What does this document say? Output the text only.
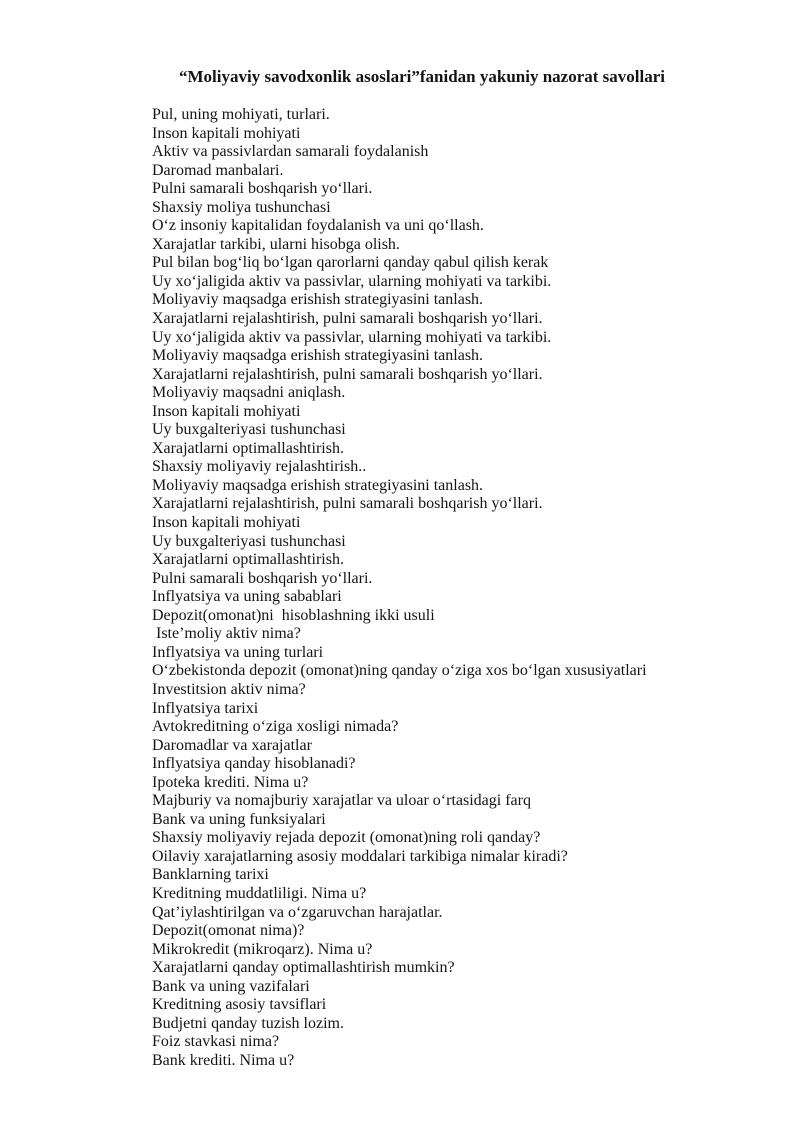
“Moliyaviy savodxonlik asoslari”fanidan yakuniy nazorat savollari
Pul, uning mohiyati, turlari.
Inson kapitali mohiyati
Aktiv va passivlardan samarali foydalanish
Daromad manbalari.
Pulni samarali boshqarish yo‘llari.
Shaxsiy moliya tushunchasi
O‘z insoniy kapitalidan foydalanish va uni qo‘llash.
Xarajatlar tarkibi, ularni hisobga olish.
Pul bilan bog‘liq bo‘lgan qarorlarni qanday qabul qilish kerak
Uy xo‘jaligida aktiv va passivlar, ularning mohiyati va tarkibi.
Moliyaviy maqsadga erishish strategiyasini tanlash.
Xarajatlarni rejalashtirish, pulni samarali boshqarish yo‘llari.
Uy xo‘jaligida aktiv va passivlar, ularning mohiyati va tarkibi.
Moliyaviy maqsadga erishish strategiyasini tanlash.
Xarajatlarni rejalashtirish, pulni samarali boshqarish yo‘llari.
Moliyaviy maqsadni aniqlash.
Inson kapitali mohiyati
Uy buxgalteriyasi tushunchasi
Xarajatlarni optimallashtirish.
Shaxsiy moliyaviy rejalashtirish..
Moliyaviy maqsadga erishish strategiyasini tanlash.
Xarajatlarni rejalashtirish, pulni samarali boshqarish yo‘llari.
Inson kapitali mohiyati
Uy buxgalteriyasi tushunchasi
Xarajatlarni optimallashtirish.
Pulni samarali boshqarish yo‘llari.
Inflyatsiya va uning sabablari
Depozit(omonat)ni  hisoblashning ikki usuli
Iste’moliy aktiv nima?
Inflyatsiya va uning turlari
O‘zbekistonda depozit (omonat)ning qanday o‘ziga xos bo‘lgan xususiyatlari
Investitsion aktiv nima?
Inflyatsiya tarixi
Avtokreditning o‘ziga xosligi nimada?
Daromadlar va xarajatlar
Inflyatsiya qanday hisoblanadi?
Ipoteka krediti. Nima u?
Majburiy va nomajburiy xarajatlar va uloar o‘rtasidagi farq
Bank va uning funksiyalari
Shaxsiy moliyaviy rejada depozit (omonat)ning roli qanday?
Oilaviy xarajatlarning asosiy moddalari tarkibiga nimalar kiradi?
Banklarning tarixi
Kreditning muddatliligi. Nima u?
Qat’iylashtirilgan va o‘zgaruvchan harajatlar.
Depozit(omonat nima)?
Mikrokredit (mikroqarz). Nima u?
Xarajatlarni qanday optimallashtirish mumkin?
Bank va uning vazifalari
Kreditning asosiy tavsiflari
Budjetni qanday tuzish lozim.
Foiz stavkasi nima?
Bank krediti. Nima u?
